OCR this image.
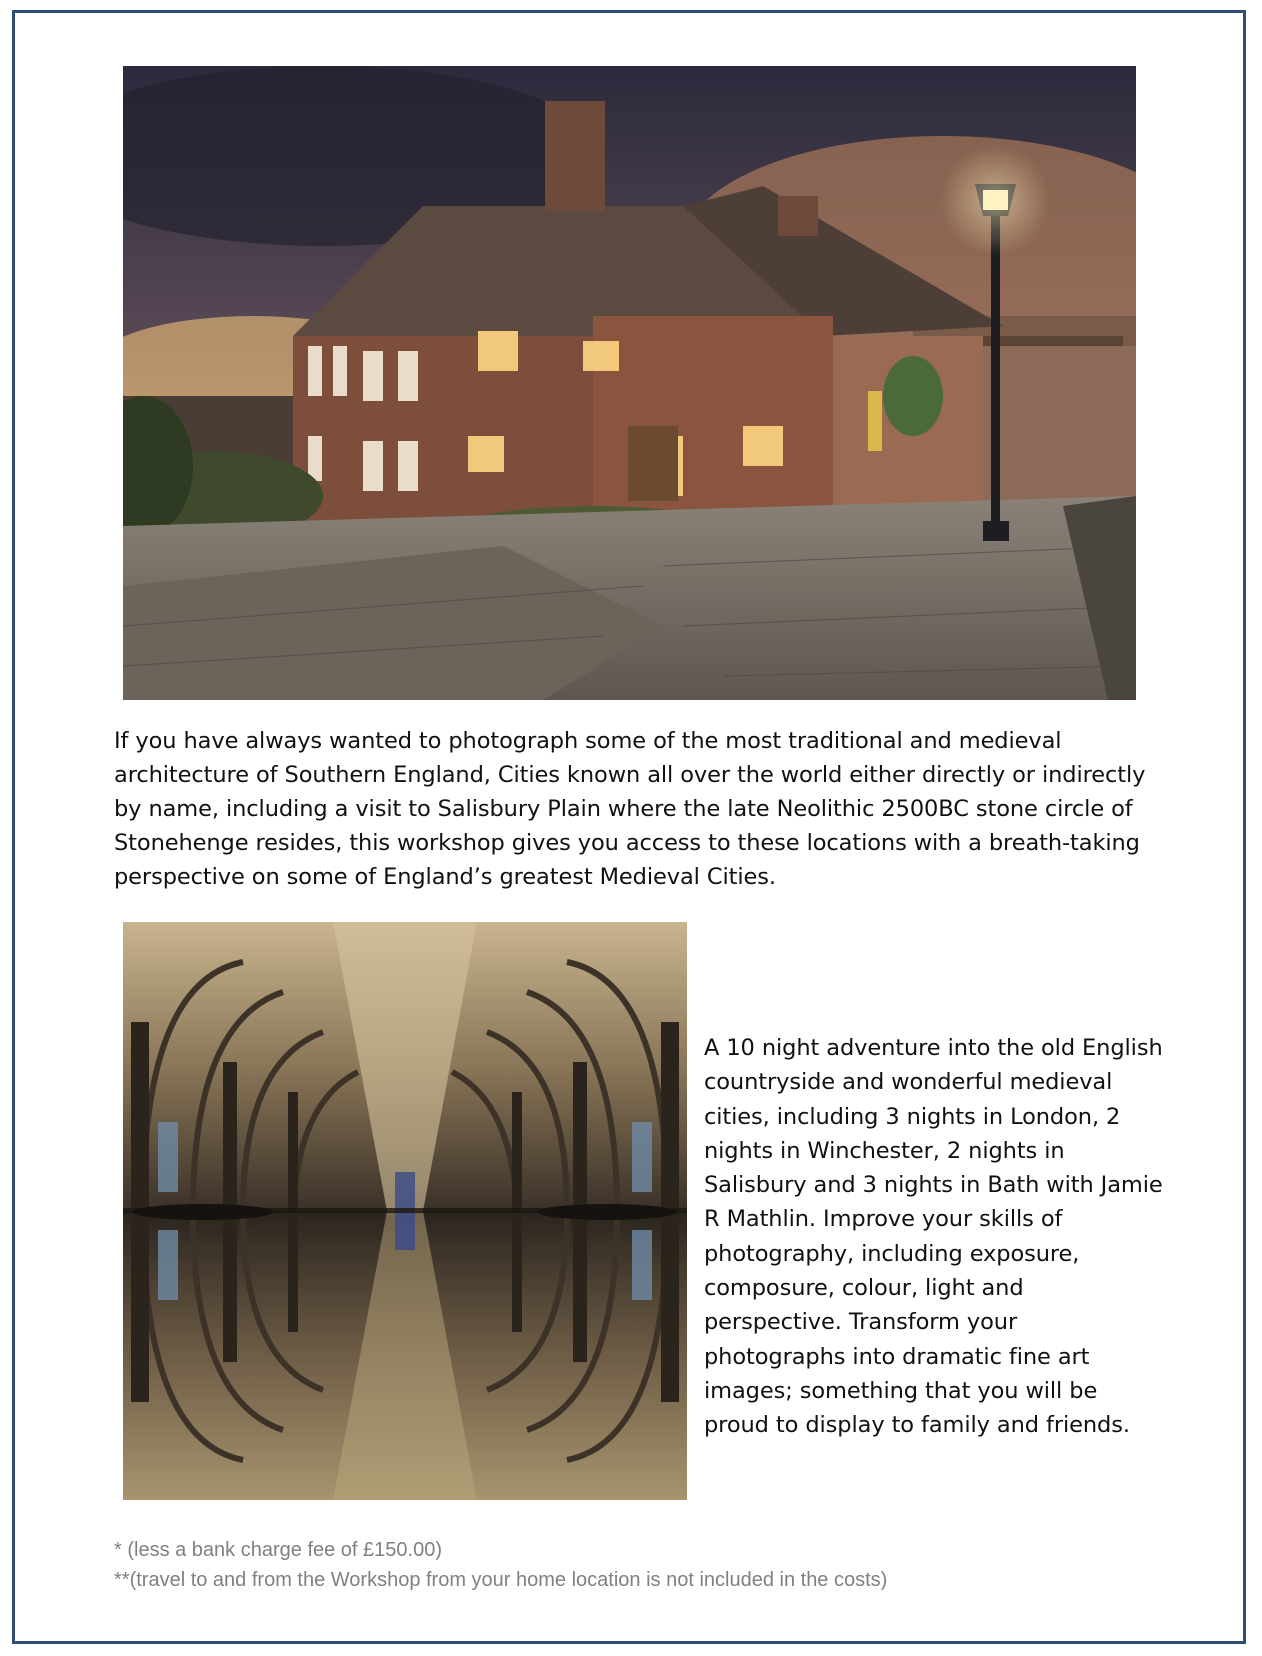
If you have always wanted to photograph some of the most traditional and medieval architecture of Southern England, Cities known all over the world either directly or indirectly by name, including a visit to Salisbury Plain where the late Neolithic 2500BC stone circle of Stonehenge resides, this workshop gives you access to these locations with a breath-taking perspective on some of England’s greatest Medieval Cities.
A 10 night adventure into the old English countryside and wonderful medieval cities, including 3 nights in London, 2 nights in Winchester, 2 nights in Salisbury and 3 nights in Bath with Jamie R Mathlin. Improve your skills of photography, including exposure, composure, colour, light and perspective. Transform your photographs into dramatic fine art images; something that you will be proud to display to family and friends.
* (less a bank charge fee of £150.00)
**(travel to and from the Workshop from your home location is not included in the costs)
